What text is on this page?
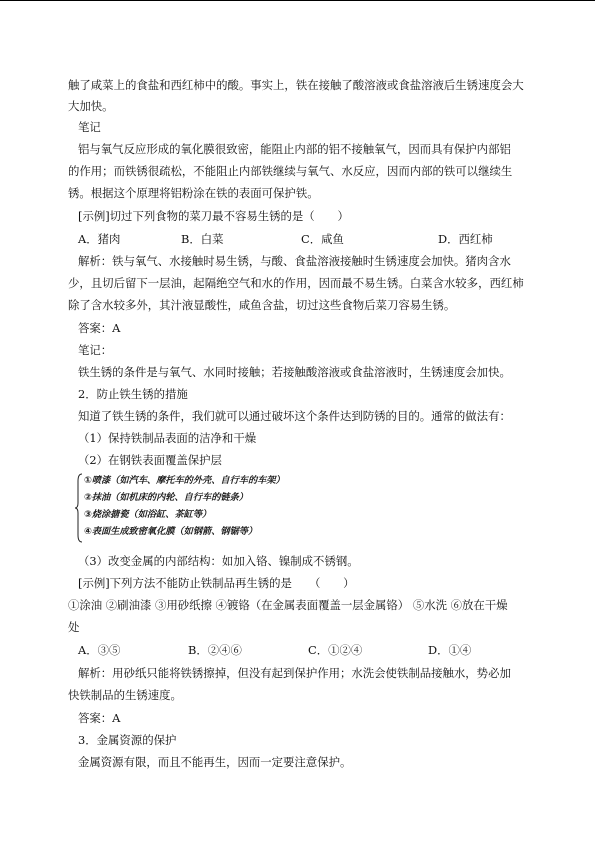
触了咸菜上的食盐和西红柿中的酸。事实上，铁在接触了酸溶液或食盐溶液后生锈速度会大
大加快。
笔记
铝与氧气反应形成的氧化膜很致密，能阻止内部的铝不接触氧气，因而具有保护内部铝
的作用；而铁锈很疏松，不能阻止内部铁继续与氧气、水反应，因而内部的铁可以继续生
锈。根据这个原理将铝粉涂在铁的表面可保护铁。
[示例]切过下列食物的菜刀最不容易生锈的是（　　）
A．猪肉	B．白菜	C．咸鱼	D．西红柿
解析：铁与氧气、水接触时易生锈，与酸、食盐溶液接触时生锈速度会加快。猪肉含水
少，且切后留下一层油，起隔绝空气和水的作用，因而最不易生锈。白菜含水较多，西红柿
除了含水较多外，其汁液显酸性，咸鱼含盐，切过这些食物后菜刀容易生锈。
答案：A
笔记：
铁生锈的条件是与氧气、水同时接触；若接触酸溶液或食盐溶液时，生锈速度会加快。
2．防止铁生锈的措施
知道了铁生锈的条件，我们就可以通过破坏这个条件达到防锈的目的。通常的做法有：
（1）保持铁制品表面的洁净和干燥
（2）在钢铁表面覆盖保护层
①喷漆（如汽车、摩托车的外壳、自行车的车架）
②抹油（如机床的内轮、自行车的链条）
③烧涂搪瓷（如浴缸、茶缸等）
④表面生成致密氧化膜（如钢箭、钢锯等）
（3）改变金属的内部结构：如加入铬、镍制成不锈钢。
[示例]下列方法不能防止铁制品再生锈的是　　（　　）
①涂油 ②刷油漆 ③用砂纸擦 ④镀铬（在金属表面覆盖一层金属铬） ⑤水洗 ⑥放在干燥
处
A．③⑤	B．②④⑥	C．①②④	D．①④
解析：用砂纸只能将铁锈擦掉，但没有起到保护作用；水洗会使铁制品接触水，势必加
快铁制品的生锈速度。
答案：A
3．金属资源的保护
金属资源有限，而且不能再生，因而一定要注意保护。
